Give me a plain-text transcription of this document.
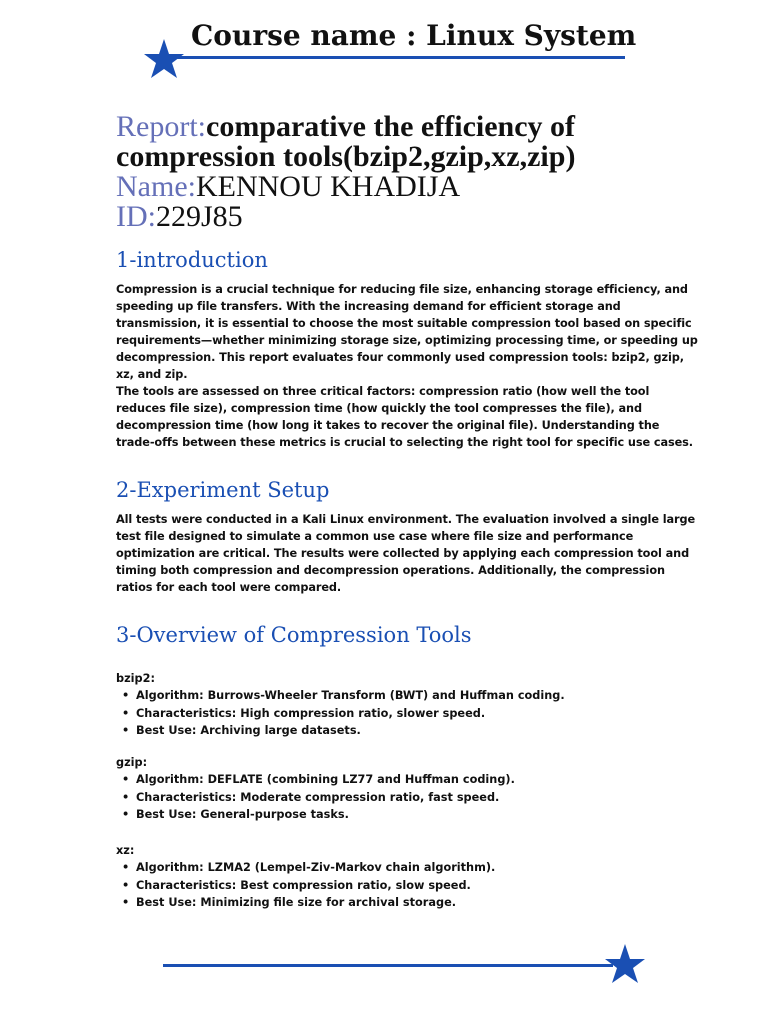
Course name : Linux System
Report:comparative the efficiency of
compression tools(bzip2,gzip,xz,zip)
Name:KENNOU KHADIJA
ID:229J85
1-introduction

Compression is a crucial technique for reducing file size, enhancing storage efficiency, and speeding up file transfers. With the increasing demand for efficient storage and transmission, it is essential to choose the most suitable compression tool based on specific requirements—whether minimizing storage size, optimizing processing time, or speeding up decompression. This report evaluates four commonly used compression tools: bzip2, gzip, xz, and zip.
The tools are assessed on three critical factors: compression ratio (how well the tool reduces file size), compression time (how quickly the tool compresses the file), and decompression time (how long it takes to recover the original file). Understanding the trade-offs between these metrics is crucial to selecting the right tool for specific use cases.

2-Experiment Setup

All tests were conducted in a Kali Linux environment. The evaluation involved a single large test file designed to simulate a common use case where file size and performance optimization are critical. The results were collected by applying each compression tool and timing both compression and decompression operations. Additionally, the compression ratios for each tool were compared.

3-Overview of Compression Tools
bzip2:
• Algorithm: Burrows-Wheeler Transform (BWT) and Huffman coding.
• Characteristics: High compression ratio, slower speed.
• Best Use: Archiving large datasets.
gzip:
• Algorithm: DEFLATE (combining LZ77 and Huffman coding).
• Characteristics: Moderate compression ratio, fast speed.
• Best Use: General-purpose tasks.
xz:
• Algorithm: LZMA2 (Lempel-Ziv-Markov chain algorithm).
• Characteristics: Best compression ratio, slow speed.
• Best Use: Minimizing file size for archival storage.
